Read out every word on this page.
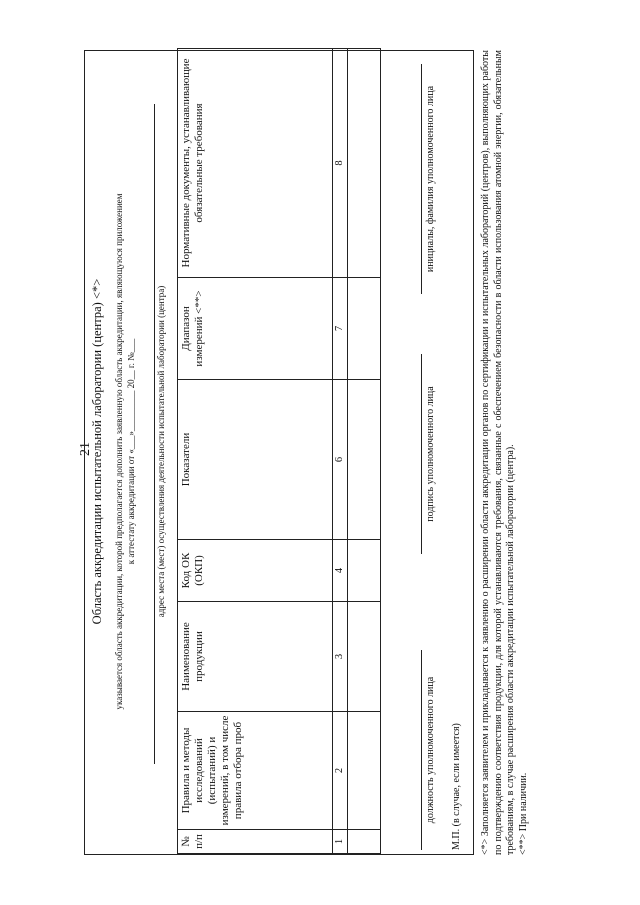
21
Область аккредитации испытательной лаборатории (центра) <*> указывается область аккредитации, которой предполагается дополнить заявленную область аккредитации, являющуюся приложением к аттестату аккредитации от «___»_________ 20__ г. №___ адрес места (мест) осуществления деятельности испытательной лаборатории (центра)
№ п/п	Правила и методы исследований (испытаний) и измерений, в том числе правила отбора проб	Наименование продукции	Код ОК (ОКП)	Показатели	Диапазон измерений <**>	Нормативные документы, устанавливающие обязательные требования
1	2	3	4	6	7	8

должность уполномоченного лица
подпись уполномоченного лица
инициалы, фамилия уполномоченного лица
М.П. (в случае, если имеется) <*> Заполняется заявителем и прикладывается к заявлению о расширении области аккредитации органов по сертификации и испытательных лабораторий (центров), выполняющих работы по подтверждению соответствия продукции, для которой устанавливаются требования, связанные с обеспечением безопасности в области использования атомной энергии, обязательным требованиям, в случае расширения области аккредитации испытательной лаборатории (центра). <**> При наличии.
